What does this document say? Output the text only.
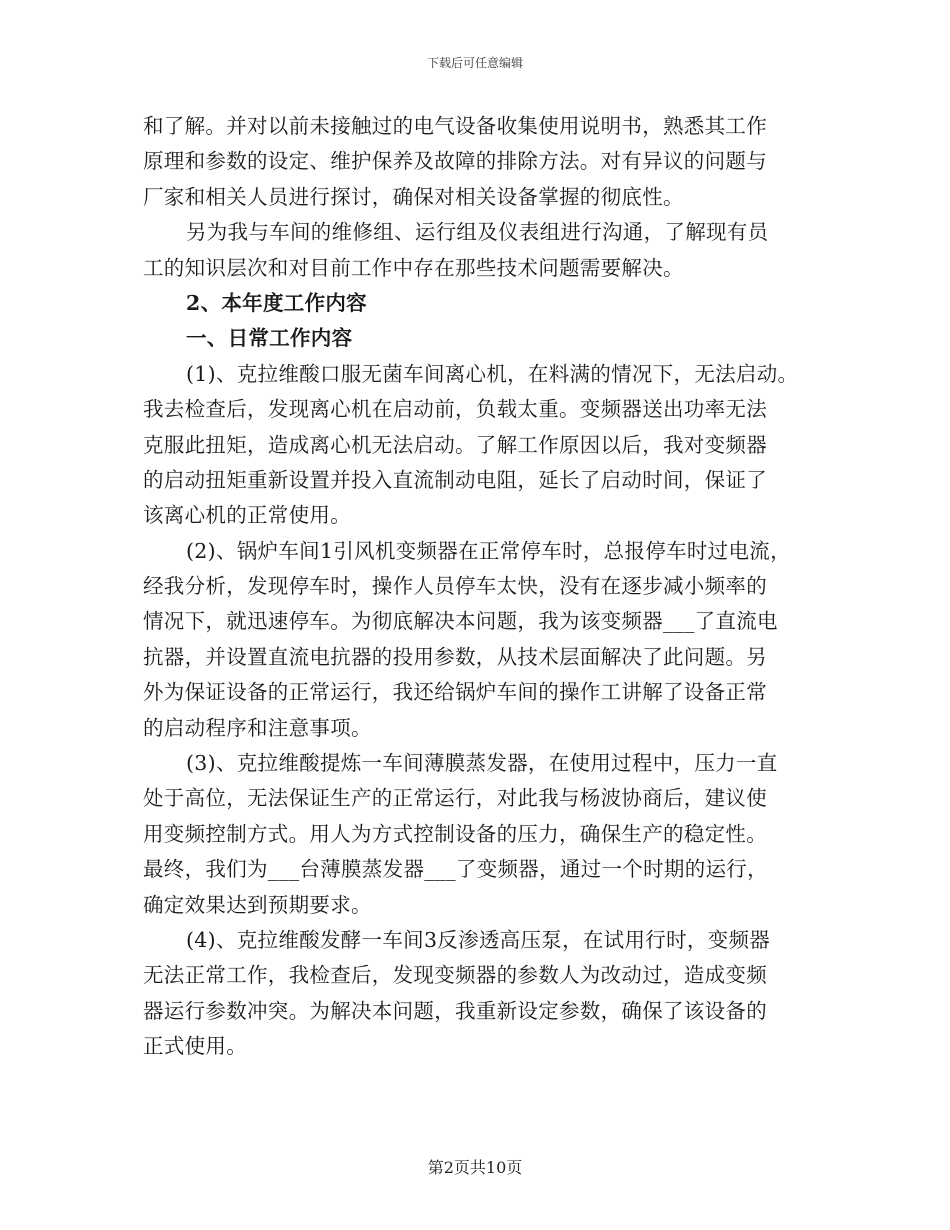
下载后可任意编辑
和了解。并对以前未接触过的电气设备收集使用说明书，熟悉其工作
原理和参数的设定、维护保养及故障的排除方法。对有异议的问题与
厂家和相关人员进行探讨，确保对相关设备掌握的彻底性。
另为我与车间的维修组、运行组及仪表组进行沟通，了解现有员
工的知识层次和对目前工作中存在那些技术问题需要解决。
2、本年度工作内容
一、日常工作内容
(1)、克拉维酸口服无菌车间离心机，在料满的情况下，无法启动。
我去检查后，发现离心机在启动前，负载太重。变频器送出功率无法
克服此扭矩，造成离心机无法启动。了解工作原因以后，我对变频器
的启动扭矩重新设置并投入直流制动电阻，延长了启动时间，保证了
该离心机的正常使用。
(2)、锅炉车间1引风机变频器在正常停车时，总报停车时过电流，
经我分析，发现停车时，操作人员停车太快，没有在逐步减小频率的
情况下，就迅速停车。为彻底解决本问题，我为该变频器___了直流电
抗器，并设置直流电抗器的投用参数，从技术层面解决了此问题。另
外为保证设备的正常运行，我还给锅炉车间的操作工讲解了设备正常
的启动程序和注意事项。
(3)、克拉维酸提炼一车间薄膜蒸发器，在使用过程中，压力一直
处于高位，无法保证生产的正常运行，对此我与杨波协商后，建议使
用变频控制方式。用人为方式控制设备的压力，确保生产的稳定性。
最终，我们为___台薄膜蒸发器___了变频器，通过一个时期的运行，
确定效果达到预期要求。
(4)、克拉维酸发酵一车间3反渗透高压泵，在试用行时，变频器
无法正常工作，我检查后，发现变频器的参数人为改动过，造成变频
器运行参数冲突。为解决本问题，我重新设定参数，确保了该设备的
正式使用。
第2页共10页
